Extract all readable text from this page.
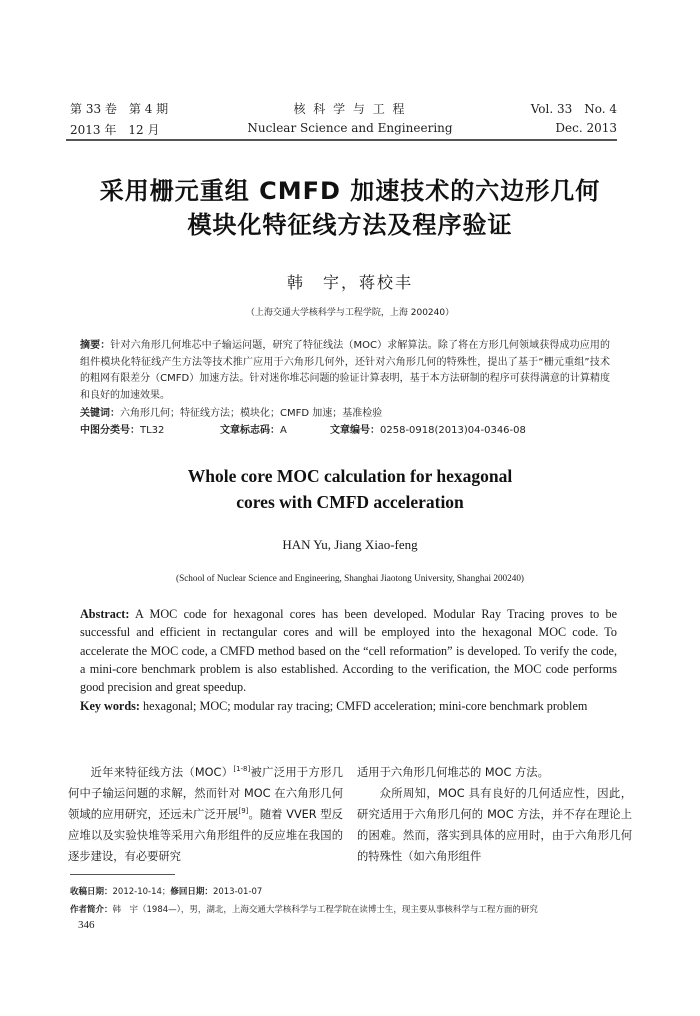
第 33 卷　第 4 期
2013 年　12 月
核 科 学 与 工 程
Nuclear Science and Engineering
Vol. 33　No. 4
Dec. 2013
采用栅元重组 CMFD 加速技术的六边形几何
模块化特征线方法及程序验证
韩　宇，蒋校丰
（上海交通大学核科学与工程学院，上海 200240）
摘要：针对六角形几何堆芯中子输运问题，研究了特征线法（MOC）求解算法。除了将在方形几何领域获得成功应用的组件模块化特征线产生方法等技术推广应用于六角形几何外，还针对六角形几何的特殊性，提出了基于“栅元重组”技术的粗网有限差分（CMFD）加速方法。针对迷你堆芯问题的验证计算表明，基于本方法研制的程序可获得满意的计算精度和良好的加速效果。
关键词：六角形几何；特征线方法；模块化；CMFD 加速；基准检验
中图分类号：TL32	文章标志码：A	文章编号：0258-0918(2013)04-0346-08
Whole core MOC calculation for hexagonal
cores with CMFD acceleration
HAN Yu, Jiang Xiao-feng
(School of Nuclear Science and Engineering, Shanghai Jiaotong University, Shanghai 200240)
Abstract: A MOC code for hexagonal cores has been developed. Modular Ray Tracing proves to be successful and efficient in rectangular cores and will be employed into the hexagonal MOC code. To accelerate the MOC code, a CMFD method based on the “cell reformation” is developed. To verify the code, a mini-core benchmark problem is also established. According to the verification, the MOC code performs good precision and great speedup.
Key words: hexagonal; MOC; modular ray tracing; CMFD acceleration; mini-core benchmark problem

近年来特征线方法（MOC）[1-8]被广泛用于方形几何中子输运问题的求解，然而针对 MOC 在六角形几何领域的应用研究，还远未广泛开展[9]。随着 VVER 型反应堆以及实验快堆等采用六角形组件的反应堆在我国的逐步建设，有必要研究

适用于六角形几何堆芯的 MOC 方法。

众所周知，MOC 具有良好的几何适应性，因此，研究适用于六角形几何的 MOC 方法，并不存在理论上的困难。然而，落实到具体的应用时，由于六角形几何的特殊性（如六角形组件

收稿日期：2012-10-14；修回日期：2013-01-07
作者简介：韩　宇（1984—），男，湖北，上海交通大学核科学与工程学院在读博士生，现主要从事核科学与工程方面的研究
346
